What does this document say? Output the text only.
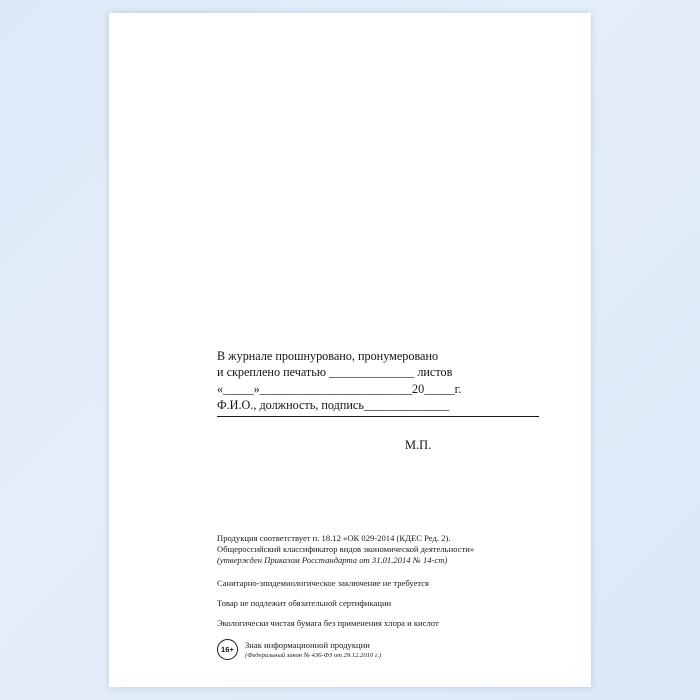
В журнале прошнуровано, пронумеровано
и скреплено печатью ______________ листов
«_____»_________________________20_____г.
Ф.И.О., должность, подпись______________
М.П.
Продукция соответствует п. 18.12 «ОК 029-2014 (КДЕС Ред. 2).
Общероссийский классификатор видов экономической деятельности»
(утвержден Приказом Росстандарта от 31.01.2014 № 14-ст)
Санитарно-эпидемиологическое заключение не требуется
Товар не подлежит обязательной сертификации
Экологически чистая бумага без применения хлора и кислот
16+	Знак информационной продукции
(Федеральный закон № 436-ФЗ от 29.12.2010 г.)
